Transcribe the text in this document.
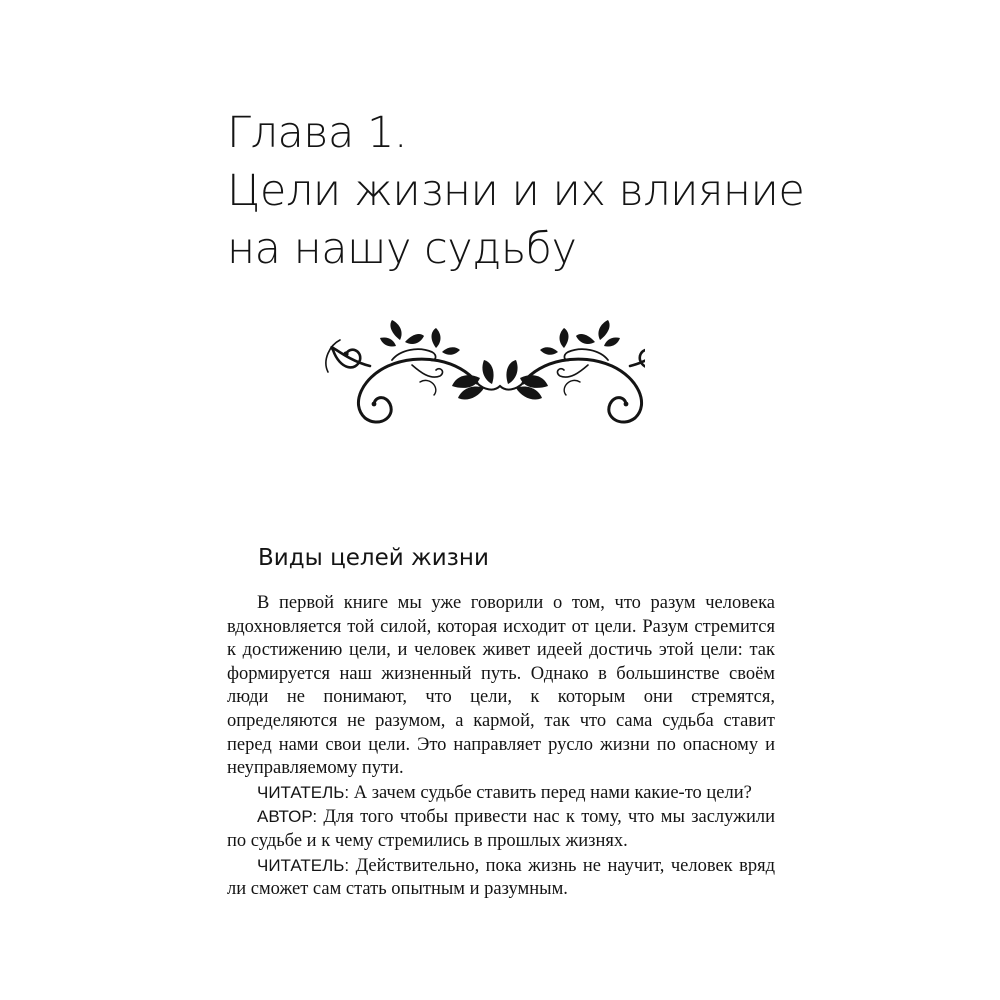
Глава 1.
Цели жизни и их влияние
на нашу судьбу
Виды целей жизни

В первой книге мы уже говорили о том, что разум человека вдохновляется той силой, которая исходит от цели. Разум стремится к достижению цели, и человек живет идеей достичь этой цели: так формируется наш жизненный путь. Однако в большинстве своём люди не понимают, что цели, к которым они стремятся, определяются не разумом, а кармой, так что сама судьба ставит перед нами свои цели. Это направляет русло жизни по опасному и неуправляемому пути.

ЧИТАТЕЛЬ: А зачем судьбе ставить перед нами какие-то цели?

АВТОР: Для того чтобы привести нас к тому, что мы заслужили по судьбе и к чему стремились в прошлых жизнях.

ЧИТАТЕЛЬ: Действительно, пока жизнь не научит, человек вряд ли сможет сам стать опытным и разумным.
